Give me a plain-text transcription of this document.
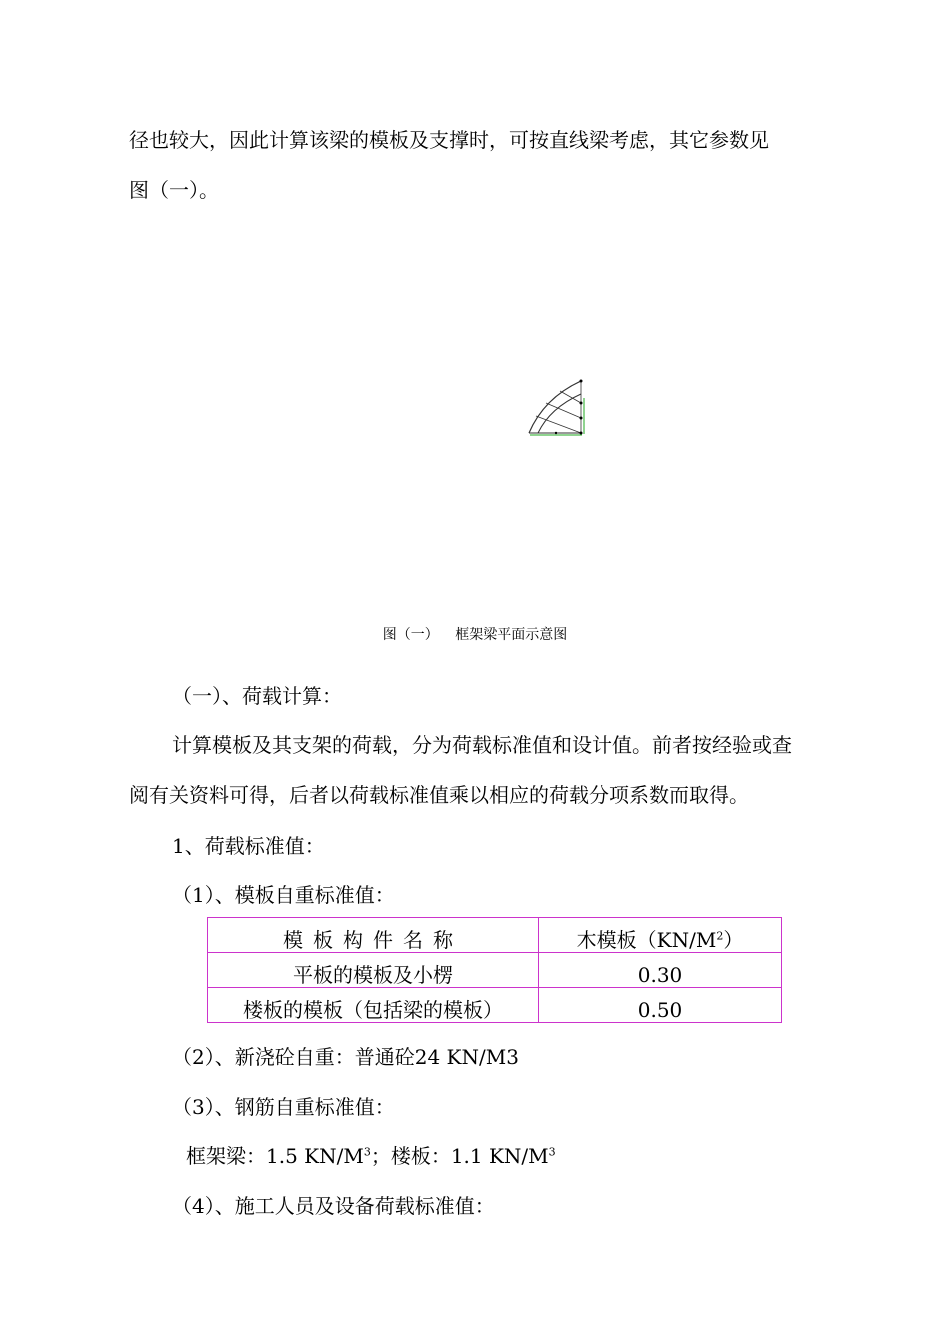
径也较大，因此计算该梁的模板及支撑时，可按直线梁考虑，其它参数见
图（一）。
图（一） 框架梁平面示意图
（一）、荷载计算：
计算模板及其支架的荷载，分为荷载标准值和设计值。前者按经验或查
阅有关资料可得，后者以荷载标准值乘以相应的荷载分项系数而取得。
1、荷载标准值：
（1）、模板自重标准值：
模板构件名称	木模板$(KN/M^2)$
平板的模板及小楞	0.30
楼板的模板（包括梁的模板）	0.50
（2）、新浇砼自重：普通砼24 KN/M3
（3）、钢筋自重标准值：
框架梁：1.5 $KN/M^3$；楼板：1.1 $KN/M^3$
（4）、施工人员及设备荷载标准值：
